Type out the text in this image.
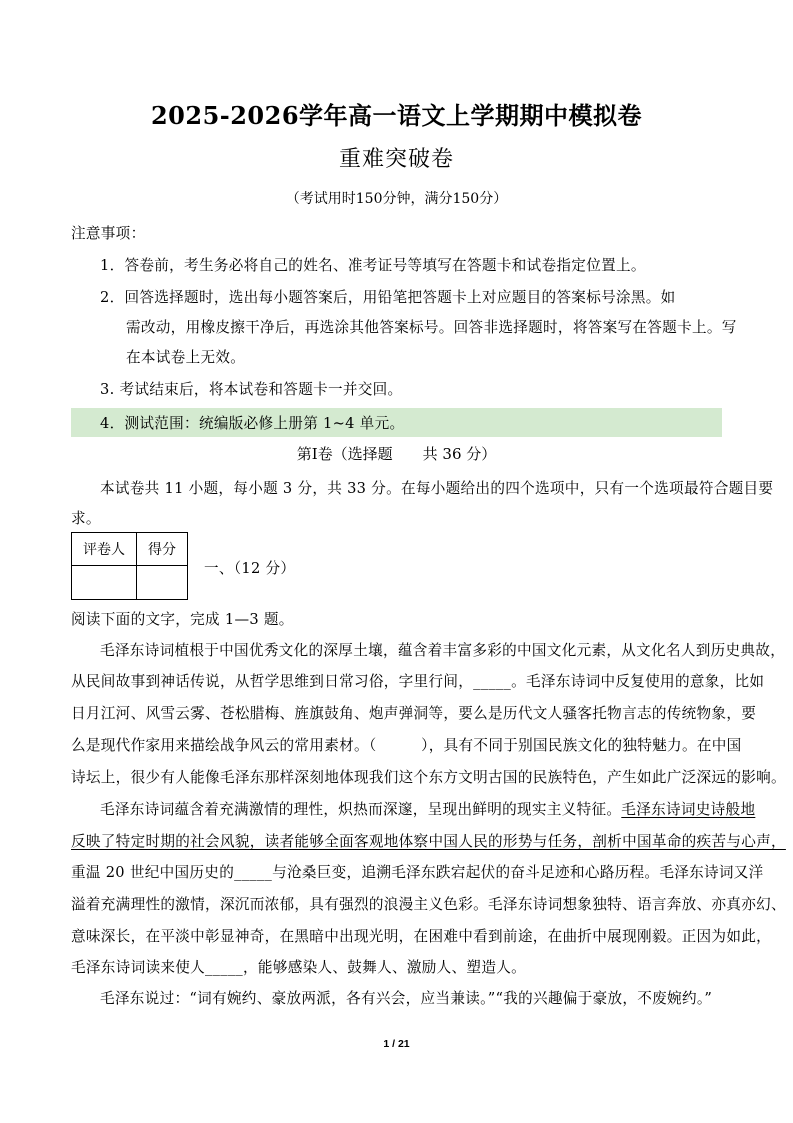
2025-2026学年高一语文上学期期中模拟卷
重难突破卷
（考试用时150分钟，满分150分）
注意事项：
1．答卷前，考生务必将自己的姓名、准考证号等填写在答题卡和试卷指定位置上。
2．回答选择题时，选出每小题答案后，用铅笔把答题卡上对应题目的答案标号涂黑。如
需改动，用橡皮擦干净后，再选涂其他答案标号。回答非选择题时，将答案写在答题卡上。写
在本试卷上无效。
3. 考试结束后，将本试卷和答题卡一并交回。
4．测试范围：统编版必修上册第 1~4 单元。
第Ⅰ卷（选择题　　共 36 分）
本试卷共 11 小题，每小题 3 分，共 33 分。在每小题给出的四个选项中，只有一个选项最符合题目要
求。
评卷人	得分

一、（12 分）
阅读下面的文字，完成 1—3 题。
毛泽东诗词植根于中国优秀文化的深厚土壤，蕴含着丰富多彩的中国文化元素，从文化名人到历史典故，
从民间故事到神话传说，从哲学思维到日常习俗，字里行间，_____。毛泽东诗词中反复使用的意象，比如
日月江河、风雪云雾、苍松腊梅、旌旗鼓角、炮声弹洞等，要么是历代文人骚客托物言志的传统物象，要
么是现代作家用来描绘战争风云的常用素材。（　　　），具有不同于别国民族文化的独特魅力。在中国
诗坛上，很少有人能像毛泽东那样深刻地体现我们这个东方文明古国的民族特色，产生如此广泛深远的影响。
毛泽东诗词蕴含着充满激情的理性，炽热而深邃，呈现出鲜明的现实主义特征。毛泽东诗词史诗般地
反映了特定时期的社会风貌，读者能够全面客观地体察中国人民的形势与任务，剖析中国革命的疾苦与心声，
重温 20 世纪中国历史的_____与沧桑巨变，追溯毛泽东跌宕起伏的奋斗足迹和心路历程。毛泽东诗词又洋
溢着充满理性的激情，深沉而浓郁，具有强烈的浪漫主义色彩。毛泽东诗词想象独特、语言奔放、亦真亦幻、
意味深长，在平淡中彰显神奇，在黑暗中出现光明，在困难中看到前途，在曲折中展现刚毅。正因为如此，
毛泽东诗词读来使人_____，能够感染人、鼓舞人、激励人、塑造人。
毛泽东说过：“词有婉约、豪放两派，各有兴会，应当兼读。”“我的兴趣偏于豪放，不废婉约。”
1 / 21
